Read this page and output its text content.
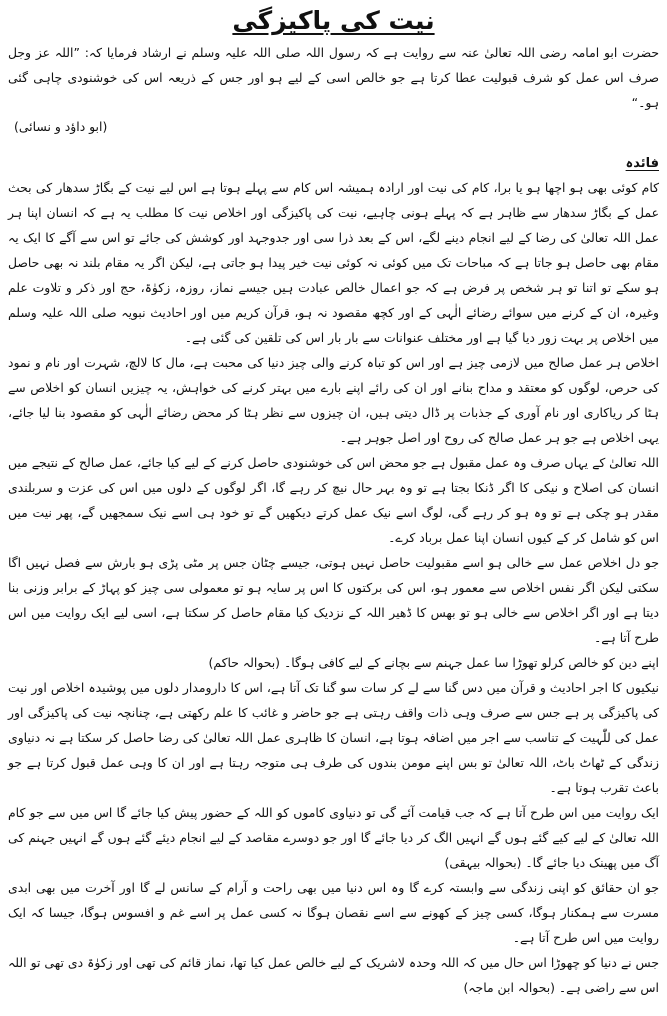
نیت کی پاکیزگی

حضرت ابو امامہ رضی اللہ تعالیٰ عنہ سے روایت ہے کہ رسول اللہ صلی اللہ علیہ وسلم نے ارشاد فرمایا کہ: ”اللہ عز وجل صرف اس عمل کو شرف قبولیت عطا کرتا ہے جو خالص اسی کے لیے ہو اور جس کے ذریعہ اس کی خوشنودی چاہی گئی ہو۔“

(ابو داؤد و نسائی)

فائدہ

کام کوئی بھی ہو اچھا ہو یا برا، کام کی نیت اور ارادہ ہمیشہ اس کام سے پہلے ہوتا ہے اس لیے نیت کے بگاڑ سدھار کی بحث عمل کے بگاڑ سدھار سے ظاہر ہے کہ پہلے ہونی چاہیے، نیت کی پاکیزگی اور اخلاص نیت کا مطلب یہ ہے کہ انسان اپنا ہر عمل اللہ تعالیٰ کی رضا کے لیے انجام دینے لگے، اس کے بعد ذرا سی اور جدوجہد اور کوشش کی جائے تو اس سے آگے کا ایک یہ مقام بھی حاصل ہو جاتا ہے کہ مباحات تک میں کوئی نہ کوئی نیت خیر پیدا ہو جاتی ہے، لیکن اگر یہ مقام بلند نہ بھی حاصل ہو سکے تو اتنا تو ہر شخص پر فرض ہے کہ جو اعمال خالص عبادت ہیں جیسے نماز، روزہ، زکوٰۃ، حج اور ذکر و تلاوت علم وغیرہ، ان کے کرنے میں سوائے رضائے الٰہی کے اور کچھ مقصود نہ ہو، قرآن کریم میں اور احادیث نبویہ صلی اللہ علیہ وسلم میں اخلاص پر بہت زور دیا گیا ہے اور مختلف عنوانات سے بار بار اس کی تلقین کی گئی ہے۔

اخلاص ہر عمل صالح میں لازمی چیز ہے اور اس کو تباہ کرنے والی چیز دنیا کی محبت ہے، مال کا لالچ، شہرت اور نام و نمود کی حرص، لوگوں کو معتقد و مداح بنانے اور ان کی رائے اپنے بارے میں بہتر کرنے کی خواہش، یہ چیزیں انسان کو اخلاص سے ہٹا کر ریاکاری اور نام آوری کے جذبات پر ڈال دیتی ہیں، ان چیزوں سے نظر ہٹا کر محض رضائے الٰہی کو مقصود بنا لیا جائے، یہی اخلاص ہے جو ہر عمل صالح کی روح اور اصل جوہر ہے۔

اللہ تعالیٰ کے یہاں صرف وہ عمل مقبول ہے جو محض اس کی خوشنودی حاصل کرنے کے لیے کیا جائے، عمل صالح کے نتیجے میں انسان کی اصلاح و نیکی کا اگر ڈنکا بجتا ہے تو وہ بہر حال نیچ کر رہے گا، اگر لوگوں کے دلوں میں اس کی عزت و سربلندی مقدر ہو چکی ہے تو وہ ہو کر رہے گی، لوگ اسے نیک عمل کرتے دیکھیں گے تو خود ہی اسے نیک سمجھیں گے، پھر نیت میں اس کو شامل کر کے کیوں انسان اپنا عمل برباد کرے۔

جو دل اخلاص عمل سے خالی ہو اسے مقبولیت حاصل نہیں ہوتی، جیسے چٹان جس پر مٹی پڑی ہو بارش سے فصل نہیں اگا سکتی لیکن اگر نفس اخلاص سے معمور ہو، اس کی برکتوں کا اس پر سایہ ہو تو معمولی سی چیز کو پہاڑ کے برابر وزنی بنا دیتا ہے اور اگر اخلاص سے خالی ہو تو بھس کا ڈھیر اللہ کے نزدیک کیا مقام حاصل کر سکتا ہے، اسی لیے ایک روایت میں اس طرح آتا ہے۔

اپنے دین کو خالص کرلو تھوڑا سا عمل جہنم سے بچانے کے لیے کافی ہوگا۔ (بحوالہ حاکم)

نیکیوں کا اجر احادیث و قرآن میں دس گنا سے لے کر سات سو گنا تک آتا ہے، اس کا دارومدار دلوں میں پوشیدہ اخلاص اور نیت کی پاکیزگی پر ہے جس سے صرف وہی ذات واقف رہتی ہے جو حاضر و غائب کا علم رکھتی ہے، چنانچہ نیت کی پاکیزگی اور عمل کی للّٰہیت کے تناسب سے اجر میں اضافہ ہوتا ہے، انسان کا ظاہری عمل اللہ تعالیٰ کی رضا حاصل کر سکتا ہے نہ دنیاوی زندگی کے ٹھاٹ باٹ، اللہ تعالیٰ تو بس اپنے مومن بندوں کی طرف ہی متوجہ رہتا ہے اور ان کا وہی عمل قبول کرتا ہے جو باعث تقرب ہوتا ہے۔

ایک روایت میں اس طرح آتا ہے کہ جب قیامت آئے گی تو دنیاوی کاموں کو اللہ کے حضور پیش کیا جائے گا اس میں سے جو کام اللہ تعالیٰ کے لیے کیے گئے ہوں گے انہیں الگ کر دیا جائے گا اور جو دوسرے مقاصد کے لیے انجام دیئے گئے ہوں گے انہیں جہنم کی آگ میں پھینک دیا جائے گا۔ (بحوالہ بیہقی)

جو ان حقائق کو اپنی زندگی سے وابستہ کرے گا وہ اس دنیا میں بھی راحت و آرام کے سانس لے گا اور آخرت میں بھی ابدی مسرت سے ہمکنار ہوگا، کسی چیز کے کھونے سے اسے نقصان ہوگا نہ کسی عمل پر اسے غم و افسوس ہوگا، جیسا کہ ایک روایت میں اس طرح آتا ہے۔

جس نے دنیا کو چھوڑا اس حال میں کہ اللہ وحدہ لاشریک کے لیے خالص عمل کیا تھا، نماز قائم کی تھی اور زکوٰۃ دی تھی تو اللہ اس سے راضی ہے۔ (بحوالہ ابن ماجہ)
